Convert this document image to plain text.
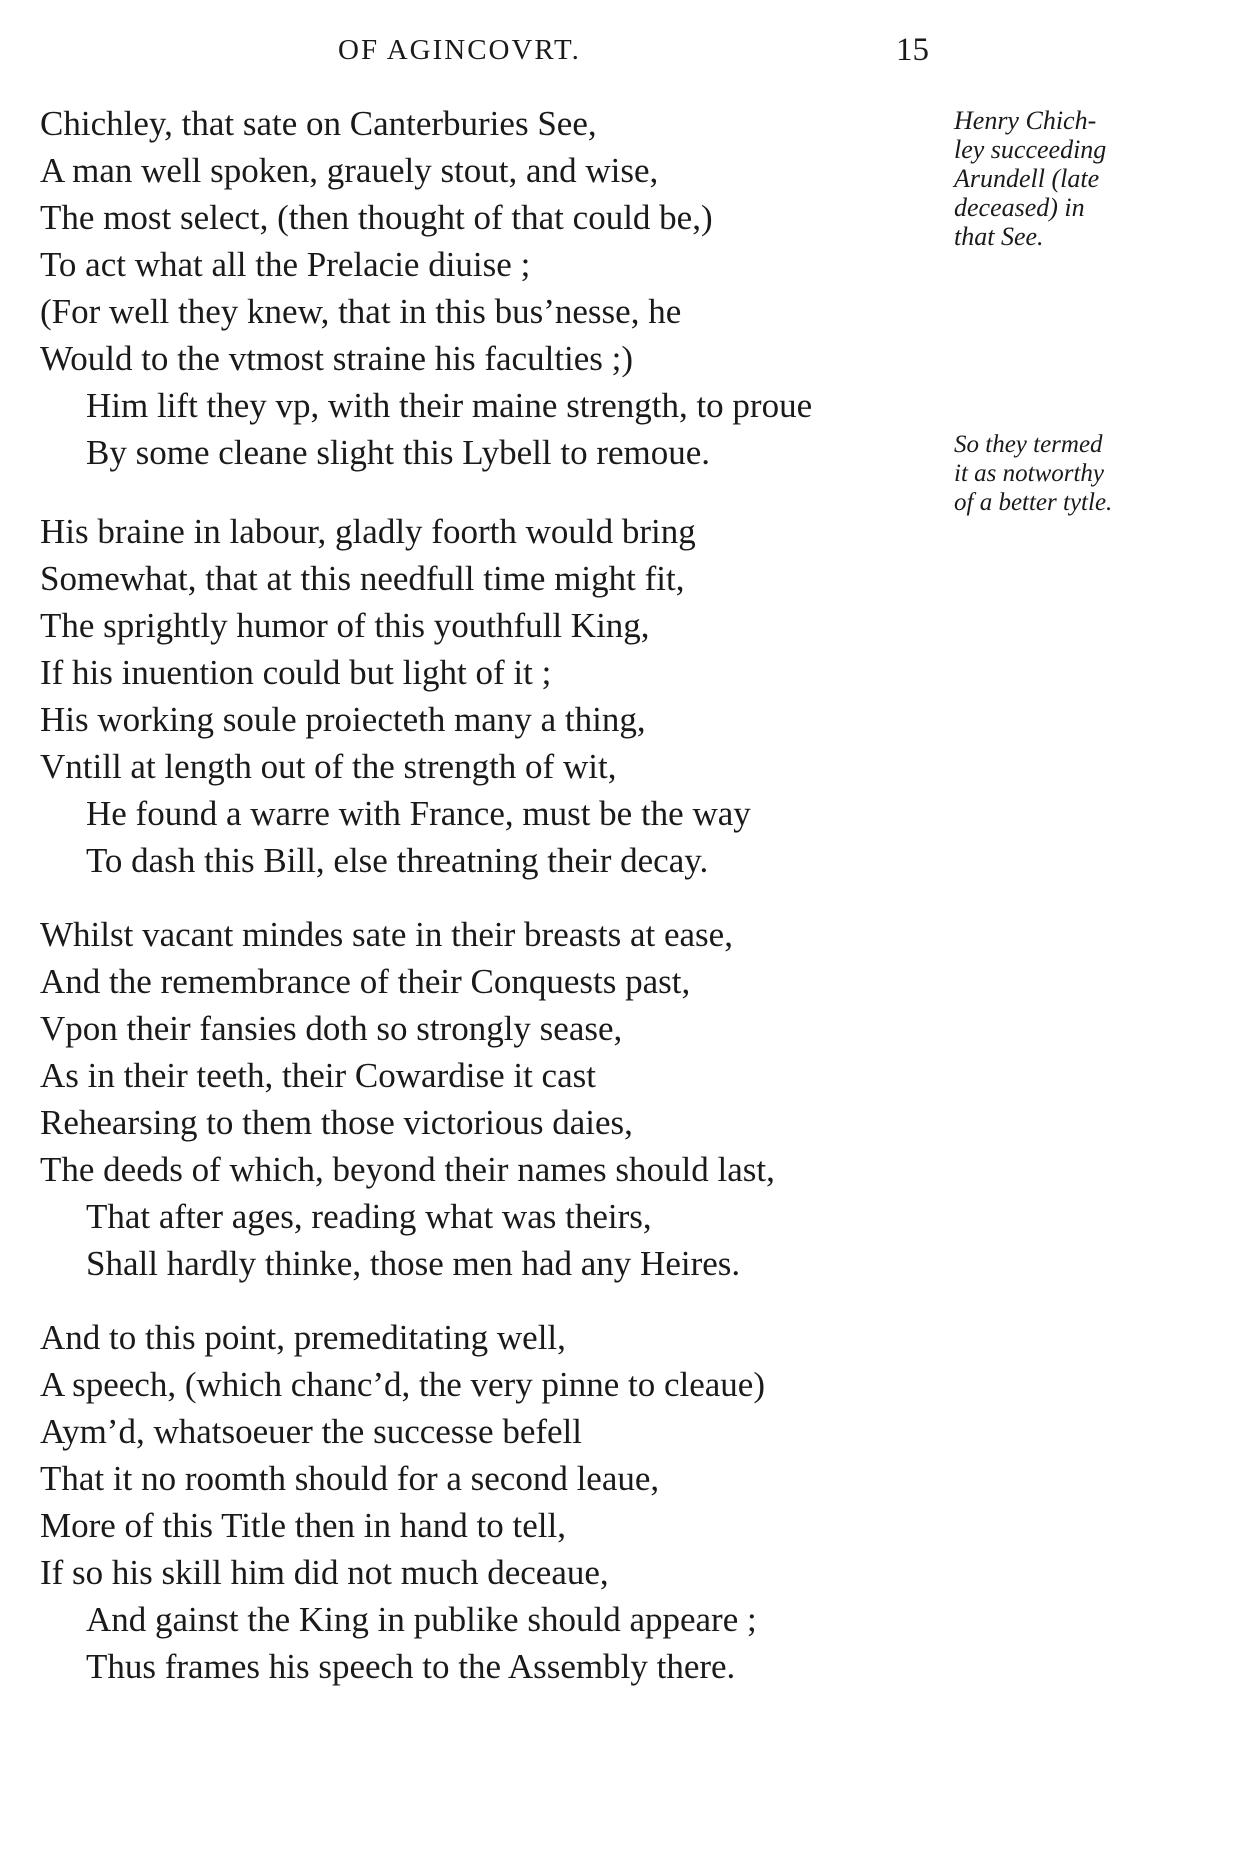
OF AGINCOVRT.	15
Chichley, that sate on Canterburies See,
A man well spoken, grauely stout, and wise,
The most select, (then thought of that could be,)
To act what all the Prelacie diuise ;
(For well they knew, that in this bus’nesse, he
Would to the vtmost straine his faculties ;)
Him lift they vp, with their maine strength, to proue
By some cleane slight this Lybell to remoue.
His braine in labour, gladly foorth would bring
Somewhat, that at this needfull time might fit,
The sprightly humor of this youthfull King,
If his inuention could but light of it ;
His working soule proiecteth many a thing,
Vntill at length out of the strength of wit,
He found a warre with France, must be the way
To dash this Bill, else threatning their decay.
Whilst vacant mindes sate in their breasts at ease,
And the remembrance of their Conquests past,
Vpon their fansies doth so strongly sease,
As in their teeth, their Cowardise it cast
Rehearsing to them those victorious daies,
The deeds of which, beyond their names should last,
That after ages, reading what was theirs,
Shall hardly thinke, those men had any Heires.
And to this point, premeditating well,
A speech, (which chanc’d, the very pinne to cleaue)
Aym’d, whatsoeuer the successe befell
That it no roomth should for a second leaue,
More of this Title then in hand to tell,
If so his skill him did not much deceaue,
And gainst the King in publike should appeare ;
Thus frames his speech to the Assembly there.
Henry Chich-
ley succeeding
Arundell (late
deceased) in
that See.
So they termed
it as notworthy
of a better tytle.
